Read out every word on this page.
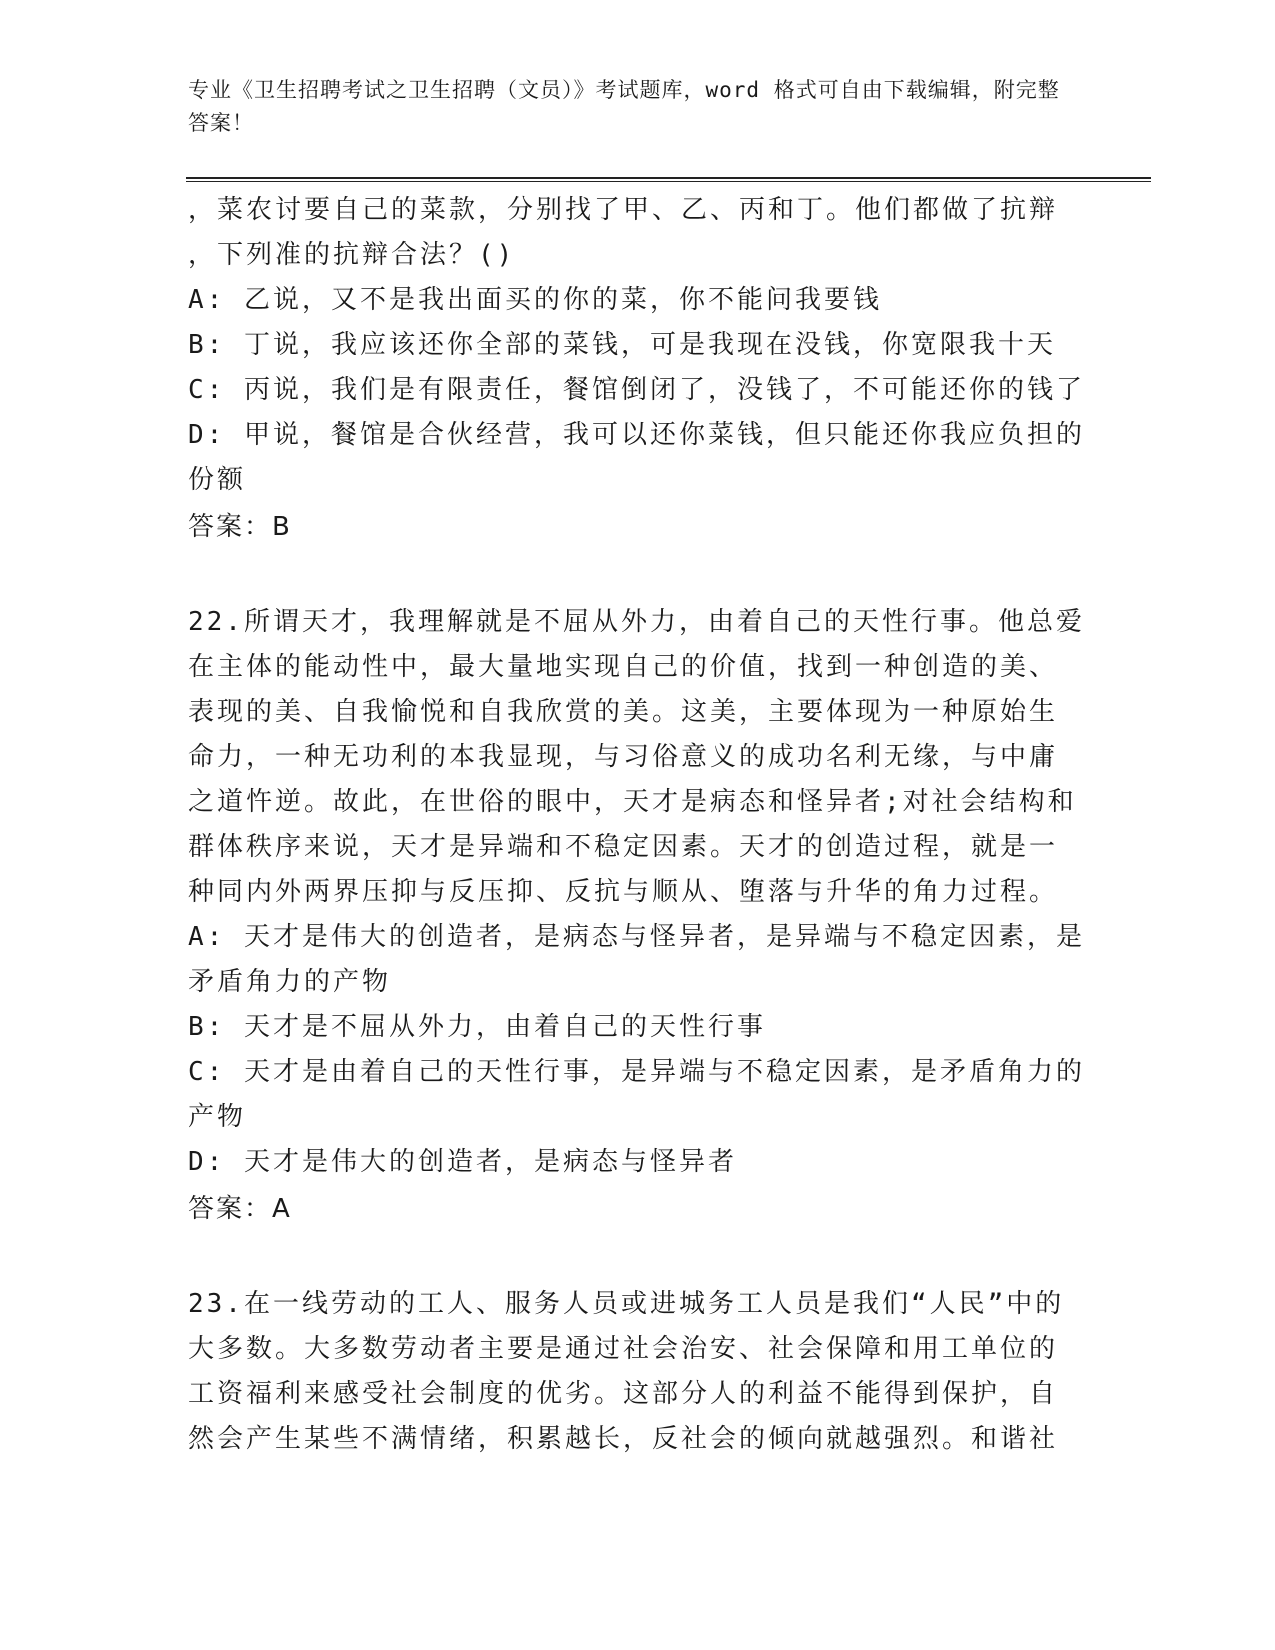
专业《卫生招聘考试之卫生招聘（文员）》考试题库，word 格式可自由下载编辑，附完整答案！
，菜农讨要自己的菜款，分别找了甲、乙、丙和丁。他们都做了抗辩
，下列准的抗辩合法？()
A: 乙说，又不是我出面买的你的菜，你不能问我要钱
B: 丁说，我应该还你全部的菜钱，可是我现在没钱，你宽限我十天
C: 丙说，我们是有限责任，餐馆倒闭了，没钱了，不可能还你的钱了
D: 甲说，餐馆是合伙经营，我可以还你菜钱，但只能还你我应负担的
份额
答案：B
22.所谓天才，我理解就是不屈从外力，由着自己的天性行事。他总爱
在主体的能动性中，最大量地实现自己的价值，找到一种创造的美、
表现的美、自我愉悦和自我欣赏的美。这美，主要体现为一种原始生
命力，一种无功利的本我显现，与习俗意义的成功名利无缘，与中庸
之道忤逆。故此，在世俗的眼中，天才是病态和怪异者;对社会结构和
群体秩序来说，天才是异端和不稳定因素。天才的创造过程，就是一
种同内外两界压抑与反压抑、反抗与顺从、堕落与升华的角力过程。
A: 天才是伟大的创造者，是病态与怪异者，是异端与不稳定因素，是
矛盾角力的产物
B: 天才是不屈从外力，由着自己的天性行事
C: 天才是由着自己的天性行事，是异端与不稳定因素，是矛盾角力的
产物
D: 天才是伟大的创造者，是病态与怪异者
答案：A
23.在一线劳动的工人、服务人员或进城务工人员是我们“人民”中的
大多数。大多数劳动者主要是通过社会治安、社会保障和用工单位的
工资福利来感受社会制度的优劣。这部分人的利益不能得到保护，自
然会产生某些不满情绪，积累越长，反社会的倾向就越强烈。和谐社
